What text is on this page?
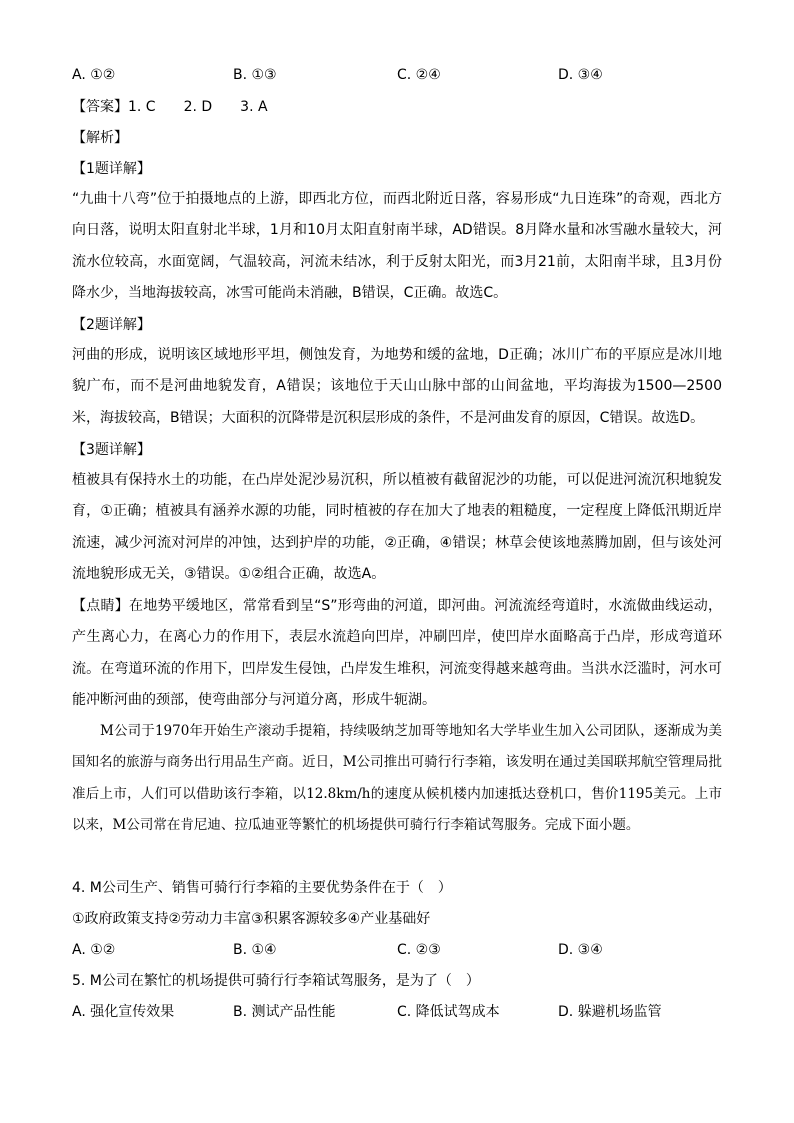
A. ①②	B. ①③	C. ②④	D. ③④
【答案】1. C　　2. D　　3. A
【解析】
【1题详解】
“九曲十八弯”位于拍摄地点的上游，即西北方位，而西北附近日落，容易形成“九日连珠”的奇观，西北方向日落，说明太阳直射北半球，1月和10月太阳直射南半球，AD错误。8月降水量和冰雪融水量较大，河流水位较高，水面宽阔，气温较高，河流未结冰，利于反射太阳光，而3月21前，太阳南半球，且3月份降水少，当地海拔较高，冰雪可能尚未消融，B错误，C正确。故选C。
【2题详解】
河曲的形成，说明该区域地形平坦，侧蚀发育，为地势和缓的盆地，D正确；冰川广布的平原应是冰川地貌广布，而不是河曲地貌发育，A错误；该地位于天山山脉中部的山间盆地，平均海拔为1500—2500米，海拔较高，B错误；大面积的沉降带是沉积层形成的条件，不是河曲发育的原因，C错误。故选D。
【3题详解】
植被具有保持水土的功能，在凸岸处泥沙易沉积，所以植被有截留泥沙的功能，可以促进河流沉积地貌发育，①正确；植被具有涵养水源的功能，同时植被的存在加大了地表的粗糙度，一定程度上降低汛期近岸流速，减少河流对河岸的冲蚀，达到护岸的功能，②正确，④错误；林草会使该地蒸腾加剧，但与该处河流地貌形成无关，③错误。①②组合正确，故选A。
【点睛】在地势平缓地区，常常看到呈“S”形弯曲的河道，即河曲。河流流经弯道时，水流做曲线运动，产生离心力，在离心力的作用下，表层水流趋向凹岸，冲刷凹岸，使凹岸水面略高于凸岸，形成弯道环流。在弯道环流的作用下，凹岸发生侵蚀，凸岸发生堆积，河流变得越来越弯曲。当洪水泛滥时，河水可能冲断河曲的颈部，使弯曲部分与河道分离，形成牛轭湖。
M公司于1970年开始生产滚动手提箱，持续吸纳芝加哥等地知名大学毕业生加入公司团队，逐渐成为美国知名的旅游与商务出行用品生产商。近日，M公司推出可骑行行李箱，该发明在通过美国联邦航空管理局批准后上市，人们可以借助该行李箱，以12.8km/h的速度从候机楼内加速抵达登机口，售价1195美元。上市以来，M公司常在肯尼迪、拉瓜迪亚等繁忙的机场提供可骑行行李箱试驾服务。完成下面小题。
4. M公司生产、销售可骑行行李箱的主要优势条件在于（　）
①政府政策支持②劳动力丰富③积累客源较多④产业基础好
A. ①②	B. ①④	C. ②③	D. ③④
5. M公司在繁忙的机场提供可骑行行李箱试驾服务，是为了（　）
A. 强化宣传效果	B. 测试产品性能	C. 降低试驾成本	D. 躲避机场监管
